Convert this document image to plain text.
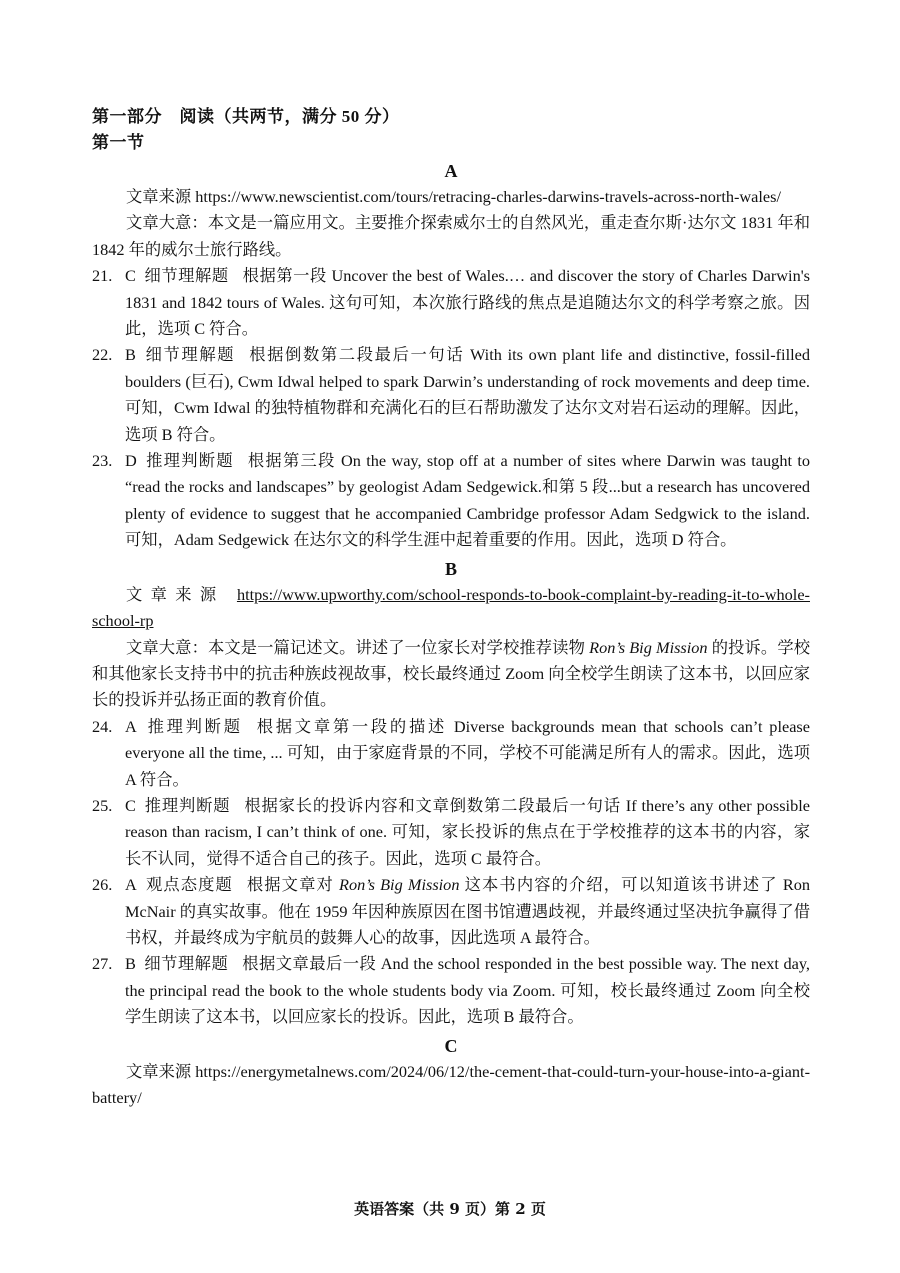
第一部分　阅读（共两节，满分 50 分）
第一节
A
文章来源 https://www.newscientist.com/tours/retracing-charles-darwins-travels-across-north-wales/
文章大意：本文是一篇应用文。主要推介探索威尔士的自然风光，重走查尔斯·达尔文 1831 年和 1842 年的威尔士旅行路线。
21. C 细节理解题 根据第一段 Uncover the best of Wales.… and discover the story of Charles Darwin's 1831 and 1842 tours of Wales. 这句可知，本次旅行路线的焦点是追随达尔文的科学考察之旅。因此，选项 C 符合。
22. B 细节理解题 根据倒数第二段最后一句话 With its own plant life and distinctive, fossil-filled boulders (巨石), Cwm Idwal helped to spark Darwin’s understanding of rock movements and deep time. 可知，Cwm Idwal 的独特植物群和充满化石的巨石帮助激发了达尔文对岩石运动的理解。因此，选项 B 符合。
23. D 推理判断题 根据第三段 On the way, stop off at a number of sites where Darwin was taught to “read the rocks and landscapes” by geologist Adam Sedgewick.和第 5 段...but a research has uncovered plenty of evidence to suggest that he accompanied Cambridge professor Adam Sedgwick to the island. 可知，Adam Sedgewick 在达尔文的科学生涯中起着重要的作用。因此，选项 D 符合。
B
文章来源 https://www.upworthy.com/school-responds-to-book-complaint-by-reading-it-to-whole-school-rp
文章大意：本文是一篇记述文。讲述了一位家长对学校推荐读物 Ron’s Big Mission 的投诉。学校和其他家长支持书中的抗击种族歧视故事，校长最终通过 Zoom 向全校学生朗读了这本书，以回应家长的投诉并弘扬正面的教育价值。
24. A 推理判断题 根据文章第一段的描述 Diverse backgrounds mean that schools can’t please everyone all the time, ... 可知，由于家庭背景的不同，学校不可能满足所有人的需求。因此，选项 A 符合。
25. C 推理判断题 根据家长的投诉内容和文章倒数第二段最后一句话 If there’s any other possible reason than racism, I can’t think of one. 可知，家长投诉的焦点在于学校推荐的这本书的内容，家长不认同，觉得不适合自己的孩子。因此，选项 C 最符合。
26. A 观点态度题 根据文章对 Ron’s Big Mission 这本书内容的介绍，可以知道该书讲述了 Ron McNair 的真实故事。他在 1959 年因种族原因在图书馆遭遇歧视，并最终通过坚决抗争赢得了借书权，并最终成为宇航员的鼓舞人心的故事，因此选项 A 最符合。
27. B 细节理解题 根据文章最后一段 And the school responded in the best possible way. The next day, the principal read the book to the whole students body via Zoom. 可知，校长最终通过 Zoom 向全校学生朗读了这本书，以回应家长的投诉。因此，选项 B 最符合。
C
文章来源 https://energymetalnews.com/2024/06/12/the-cement-that-could-turn-your-house-into-a-giant-battery/
英语答案（共 9 页）第 2 页
